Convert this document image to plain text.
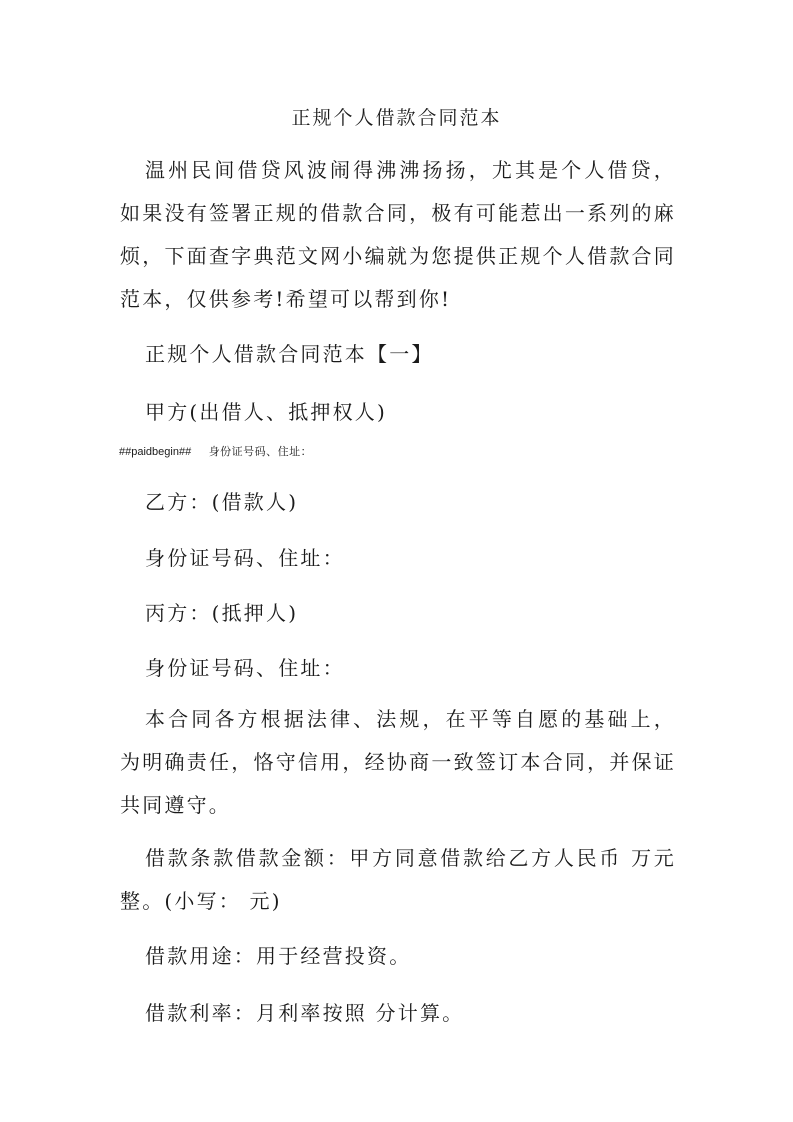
正规个人借款合同范本
温州民间借贷风波闹得沸沸扬扬，尤其是个人借贷，如果没有签署正规的借款合同，极有可能惹出一系列的麻烦，下面查字典范文网小编就为您提供正规个人借款合同范本，仅供参考!希望可以帮到你!
正规个人借款合同范本【一】
甲方(出借人、抵押权人)
##paidbegin## 身份证号码、住址：
乙方：(借款人)
身份证号码、住址：
丙方：(抵押人)
身份证号码、住址：
本合同各方根据法律、法规，在平等自愿的基础上，为明确责任，恪守信用，经协商一致签订本合同，并保证共同遵守。
借款条款借款金额：甲方同意借款给乙方人民币 万元整。(小写： 元)
借款用途：用于经营投资。
借款利率：月利率按照 分计算。
